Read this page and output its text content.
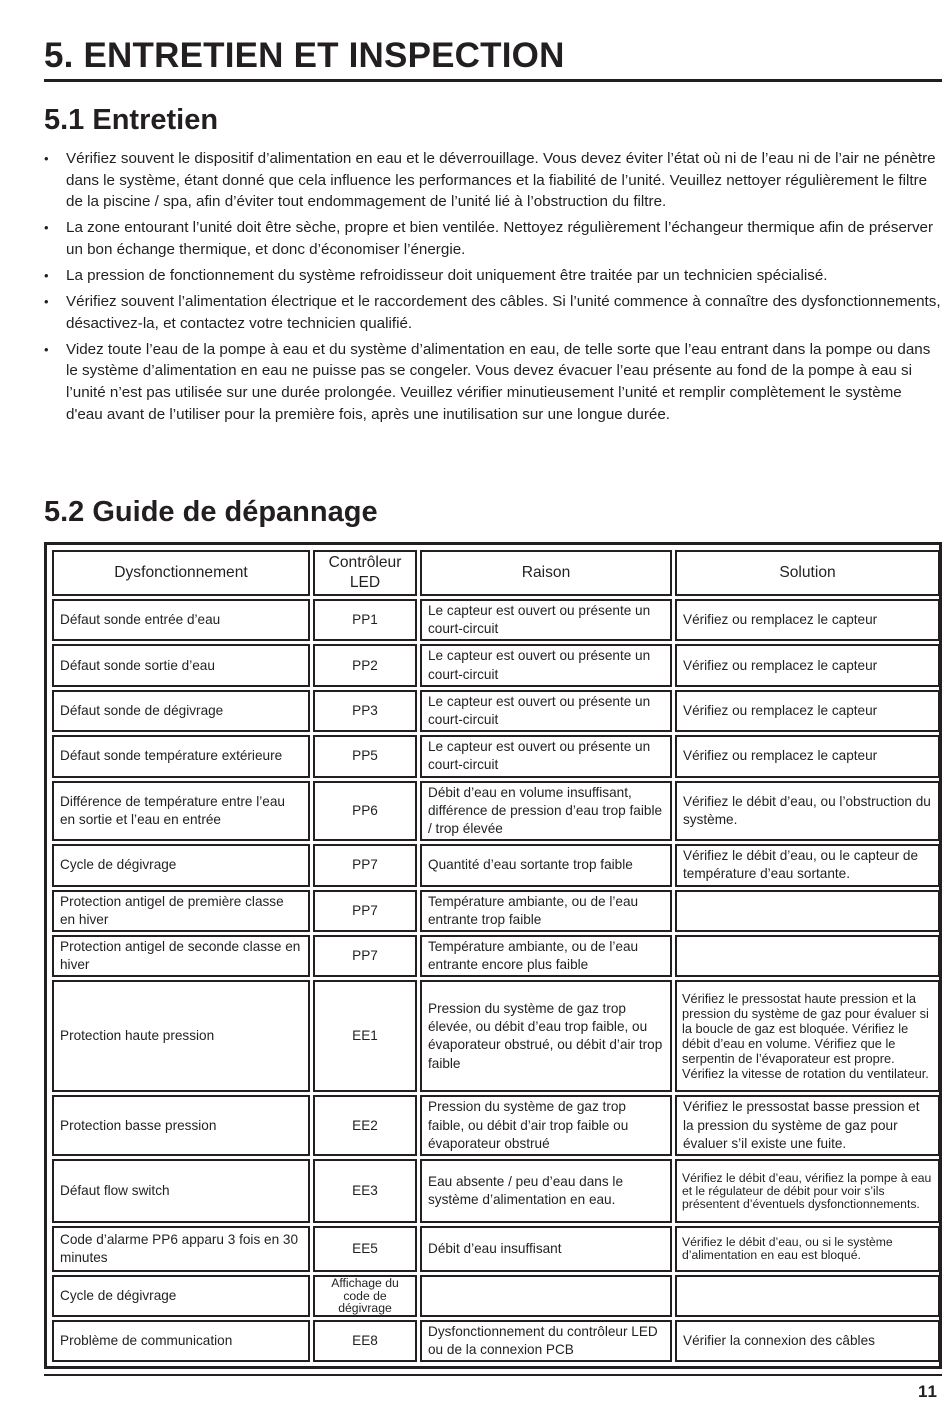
5. ENTRETIEN ET INSPECTION
5.1 Entretien
• Vérifiez souvent le dispositif d’alimentation en eau et le déverrouillage. Vous devez éviter l’état où ni de l’eau ni de l’air ne pénètre dans le système, étant donné que cela influence les performances et la fiabilité de l’unité. Veuillez nettoyer régulièrement le filtre de la piscine / spa, afin d’éviter tout endommagement de l’unité lié à l’obstruction du filtre.
• La zone entourant l’unité doit être sèche, propre et bien ventilée. Nettoyez régulièrement l’échangeur thermique afin de préserver un bon échange thermique, et donc d’économiser l’énergie.
• La pression de fonctionnement du système refroidisseur doit uniquement être traitée par un technicien spécialisé.
• Vérifiez souvent l’alimentation électrique et le raccordement des câbles. Si l’unité commence à connaître des dysfonctionnements, désactivez-la, et contactez votre technicien qualifié.
• Videz toute l’eau de la pompe à eau et du système d’alimentation en eau, de telle sorte que l’eau entrant dans la pompe ou dans le système d’alimentation en eau ne puisse pas se congeler. Vous devez évacuer l’eau présente au fond de la pompe à eau si l’unité n’est pas utilisée sur une durée prolongée. Veuillez vérifier minutieusement l’unité et remplir complètement le système d'eau avant de l’utiliser pour la première fois, après une inutilisation sur une longue durée.
5.2 Guide de dépannage
Dysfonctionnement	Contrôleur LED	Raison	Solution
Défaut sonde entrée d’eau	PP1	Le capteur est ouvert ou présente un court-circuit	Vérifiez ou remplacez le capteur
Défaut sonde sortie d’eau	PP2	Le capteur est ouvert ou présente un court-circuit	Vérifiez ou remplacez le capteur
Défaut sonde de dégivrage	PP3	Le capteur est ouvert ou présente un court-circuit	Vérifiez ou remplacez le capteur
Défaut sonde température extérieure	PP5	Le capteur est ouvert ou présente un court-circuit	Vérifiez ou remplacez le capteur
Différence de température entre l’eau en sortie et l’eau en entrée	PP6	Débit d’eau en volume insuffisant, différence de pression d’eau trop faible / trop élevée	Vérifiez le débit d’eau, ou l’obstruction du système.
Cycle de dégivrage	PP7	Quantité d’eau sortante trop faible	Vérifiez le débit d’eau, ou le capteur de température d’eau sortante.
Protection antigel de première classe en hiver	PP7	Température ambiante, ou de l’eau entrante trop faible	
Protection antigel de seconde classe en hiver	PP7	Température ambiante, ou de l’eau entrante encore plus faible	
Protection haute pression	EE1	Pression du système de gaz trop élevée, ou débit d’eau trop faible, ou évaporateur obstrué, ou débit d’air trop faible	Vérifiez le pressostat haute pression et la pression du système de gaz pour évaluer si la boucle de gaz est bloquée. Vérifiez le débit d’eau en volume. Vérifiez que le serpentin de l’évaporateur est propre. Vérifiez la vitesse de rotation du ventilateur.
Protection basse pression	EE2	Pression du système de gaz trop faible, ou débit d’air trop faible ou évaporateur obstrué	Vérifiez le pressostat basse pression et la pression du système de gaz pour évaluer s’il existe une fuite.
Défaut flow switch	EE3	Eau absente / peu d’eau dans le système d’alimentation en eau.	Vérifiez le débit d’eau, vérifiez la pompe à eau et le régulateur de débit pour voir s’ils présentent d’éventuels dysfonctionnements.
Code d’alarme PP6 apparu 3 fois en 30 minutes	EE5	Débit d’eau insuffisant	Vérifiez le débit d’eau, ou si le système d’alimentation en eau est bloqué.
Cycle de dégivrage	Affichage du code de dégivrage		
Problème de communication	EE8	Dysfonctionnement du contrôleur LED ou de la connexion PCB	Vérifier la connexion des câbles
11
